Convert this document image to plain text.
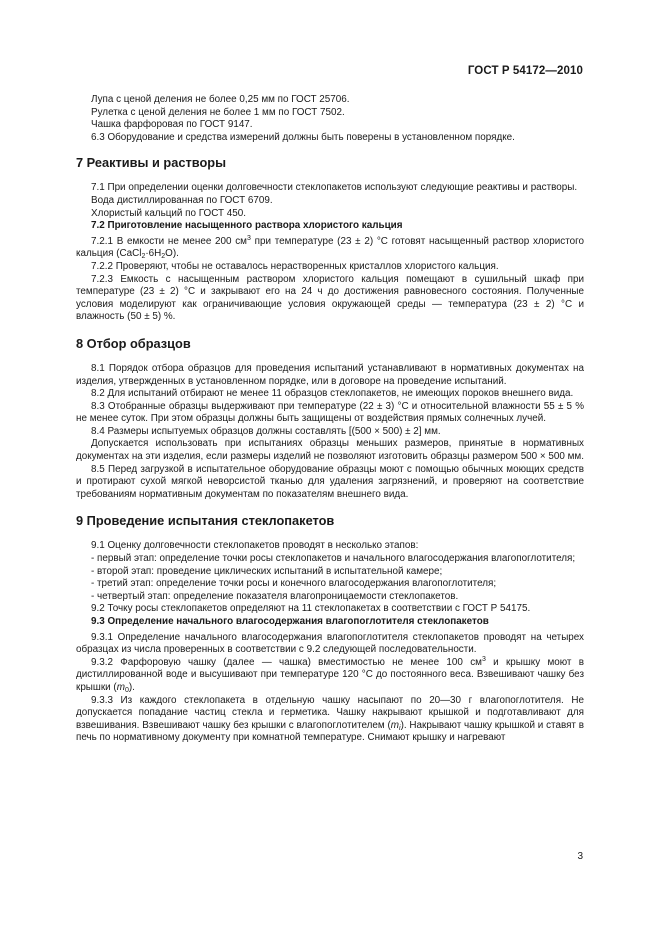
ГОСТ Р 54172—2010

Лупа с ценой деления не более 0,25 мм по ГОСТ 25706.

Рулетка с ценой деления не более 1 мм по ГОСТ 7502.

Чашка фарфоровая по ГОСТ 9147.

6.3 Оборудование и средства измерений должны быть поверены в установленном порядке.

7 Реактивы и растворы

7.1 При определении оценки долговечности стеклопакетов используют следующие реактивы и растворы.

Вода дистиллированная по ГОСТ 6709.

Хлористый кальций по ГОСТ 450.

7.2 Приготовление насыщенного раствора хлористого кальция

7.2.1 В емкости не менее 200 $см^3$ при температуре (23 ± 2) °С готовят насыщенный раствор хлористого кальция $(CaCl_2\cdot 6H_2O)$.

7.2.2 Проверяют, чтобы не оставалось нерастворенных кристаллов хлористого кальция.

7.2.3 Емкость с насыщенным раствором хлористого кальция помещают в сушильный шкаф при температуре (23 ± 2) °С и закрывают его на 24 ч до достижения равновесного состояния. Полученные условия моделируют как ограничивающие условия окружающей среды — температура (23 ± 2) °С и влажность (50 ± 5) %.

8 Отбор образцов

8.1 Порядок отбора образцов для проведения испытаний устанавливают в нормативных документах на изделия, утвержденных в установленном порядке, или в договоре на проведение испытаний.

8.2 Для испытаний отбирают не менее 11 образцов стеклопакетов, не имеющих пороков внешнего вида.

8.3 Отобранные образцы выдерживают при температуре (22 ± 3) °С и относительной влажности 55 ± 5 % не менее суток. При этом образцы должны быть защищены от воздействия прямых солнечных лучей.

8.4 Размеры испытуемых образцов должны составлять [(500 × 500) ± 2] мм.

Допускается использовать при испытаниях образцы меньших размеров, принятые в нормативных документах на эти изделия, если размеры изделий не позволяют изготовить образцы размером 500 × 500 мм.

8.5 Перед загрузкой в испытательное оборудование образцы моют с помощью обычных моющих средств и протирают сухой мягкой неворсистой тканью для удаления загрязнений, и проверяют на соответствие требованиям нормативным документам по показателям внешнего вида.

9 Проведение испытания стеклопакетов

9.1 Оценку долговечности стеклопакетов проводят в несколько этапов:

- первый этап: определение точки росы стеклопакетов и начального влагосодержания влагопоглотителя;

- второй этап: проведение циклических испытаний в испытательной камере;

- третий этап: определение точки росы и конечного влагосодержания влагопоглотителя;

- четвертый этап: определение показателя влагопроницаемости стеклопакетов.

9.2 Точку росы стеклопакетов определяют на 11 стеклопакетах в соответствии с ГОСТ Р 54175.

9.3 Определение начального влагосодержания влагопоглотителя стеклопакетов

9.3.1 Определение начального влагосодержания влагопоглотителя стеклопакетов проводят на четырех образцах из числа проверенных в соответствии с 9.2 следующей последовательности.

9.3.2 Фарфоровую чашку (далее — чашка) вместимостью не менее 100 $см^3$ и крышку моют в дистиллированной воде и высушивают при температуре 120 °С до постоянного веса. Взвешивают чашку без крышки $(m_0)$.

9.3.3 Из каждого стеклопакета в отдельную чашку насыпают по 20—30 г влагопоглотителя. Не допускается попадание частиц стекла и герметика. Чашку накрывают крышкой и подготавливают для взвешивания. Взвешивают чашку без крышки с влагопоглотителем $(m_i)$. Накрывают чашку крышкой и ставят в печь по нормативному документу при комнатной температуре. Снимают крышку и нагревают

3
